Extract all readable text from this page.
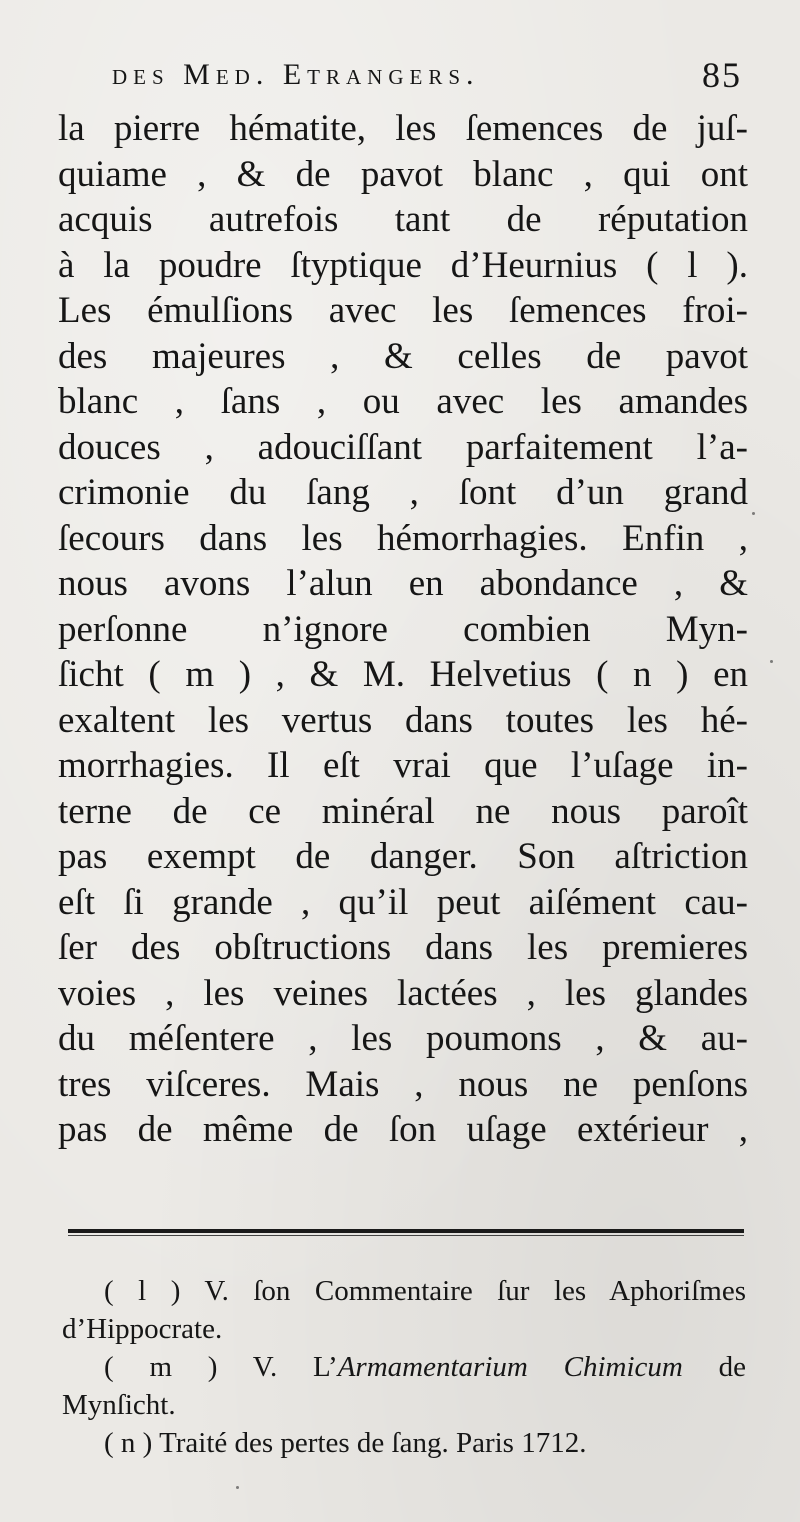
des Med. Etrangers.	85
la pierre hématite, les ſemences de juſ-
quiame , & de pavot blanc , qui ont
acquis autrefois tant de réputation
à la poudre ſtyptique d’Heurnius ( l ).
Les émulſions avec les ſemences froi-
des majeures , & celles de pavot
blanc , ſans , ou avec les amandes
douces , adouciſſant parfaitement l’a-
crimonie du ſang , ſont d’un grand
ſecours dans les hémorrhagies. Enfin ,
nous avons l’alun en abondance , &
perſonne n’ignore combien Myn-
ſicht ( m ) , & M. Helvetius ( n ) en
exaltent les vertus dans toutes les hé-
morrhagies. Il eſt vrai que l’uſage in-
terne de ce minéral ne nous paroît
pas exempt de danger. Son aſtriction
eſt ſi grande , qu’il peut aiſément cau-
ſer des obſtructions dans les premieres
voies , les veines lactées , les glandes
du méſentere , les poumons , & au-
tres viſceres. Mais , nous ne penſons
pas de même de ſon uſage extérieur ,
( l ) V. ſon Commentaire ſur les Aphoriſmes
d’Hippocrate.
( m ) V. L’Armamentarium Chimicum de
Mynſicht.
( n ) Traité des pertes de ſang. Paris 1712.
